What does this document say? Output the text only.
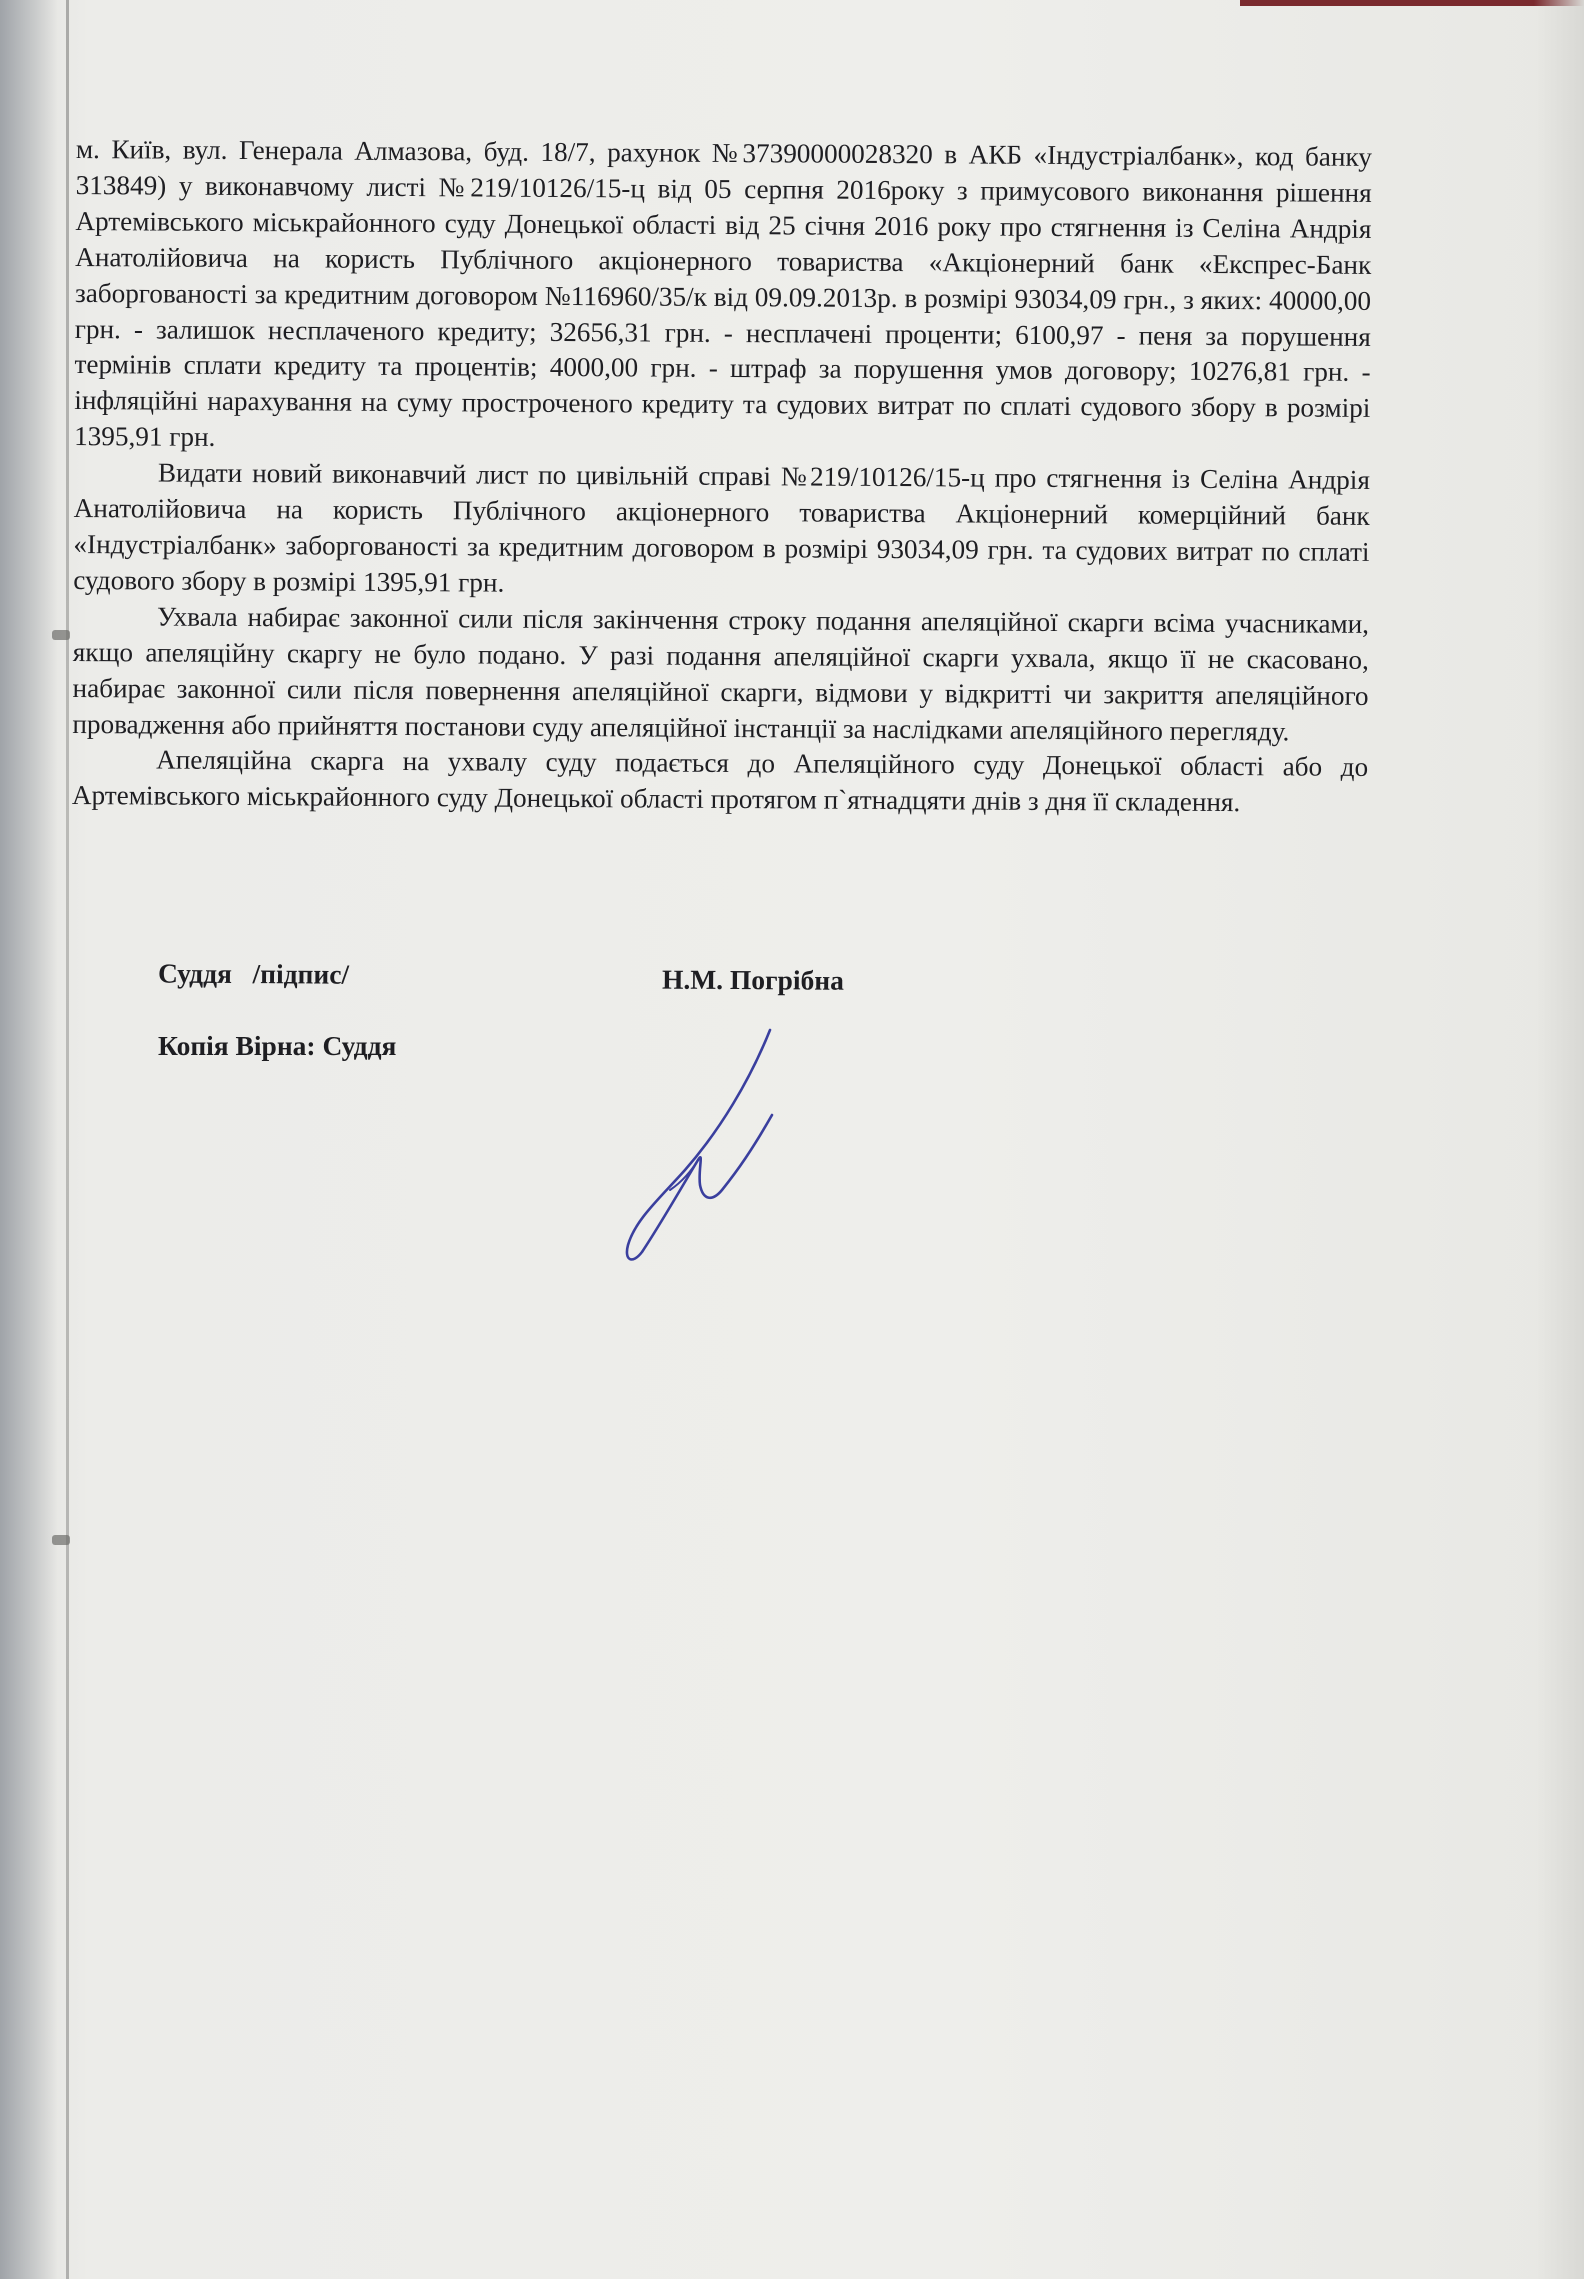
м. Київ, вул. Генерала Алмазова, буд. 18/7, рахунок №37390000028320 в АКБ «Індустріалбанк», код банку 313849) у виконавчому листі №219/10126/15-ц від 05 серпня 2016року з примусового виконання рішення Артемівського міськрайонного суду Донецької області від 25 січня 2016 року про стягнення із Селіна Андрія Анатолійовича на користь Публічного акціонерного товариства «Акціонерний банк «Експрес-Банк заборгованості за кредитним договором №116960/35/к від 09.09.2013р. в розмірі 93034,09 грн., з яких: 40000,00 грн. - залишок несплаченого кредиту; 32656,31 грн. - несплачені проценти; 6100,97 - пеня за порушення термінів сплати кредиту та процентів; 4000,00 грн. - штраф за порушення умов договору; 10276,81 грн. - інфляційні нарахування на суму простроченого кредиту та судових витрат по сплаті судового збору в розмірі 1395,91 грн.

Видати новий виконавчий лист по цивільній справі №219/10126/15-ц про стягнення із Селіна Андрія Анатолійовича на користь Публічного акціонерного товариства Акціонерний комерційний банк «Індустріалбанк» заборгованості за кредитним договором в розмірі 93034,09 грн. та судових витрат по сплаті судового збору в розмірі 1395,91 грн.

Ухвала набирає законної сили після закінчення строку подання апеляційної скарги всіма учасниками, якщо апеляційну скаргу не було подано. У разі подання апеляційної скарги ухвала, якщо її не скасовано, набирає законної сили після повернення апеляційної скарги, відмови у відкритті чи закриття апеляційного провадження або прийняття постанови суду апеляційної інстанції за наслідками апеляційного перегляду.

Апеляційна скарга на ухвалу суду подається до Апеляційного суду Донецької області або до Артемівського міськрайонного суду Донецької області протягом п`ятнадцяти днів з дня її складення.

Суддя   /підпис/	Н.М. Погрібна
Копія Вірна: Суддя
